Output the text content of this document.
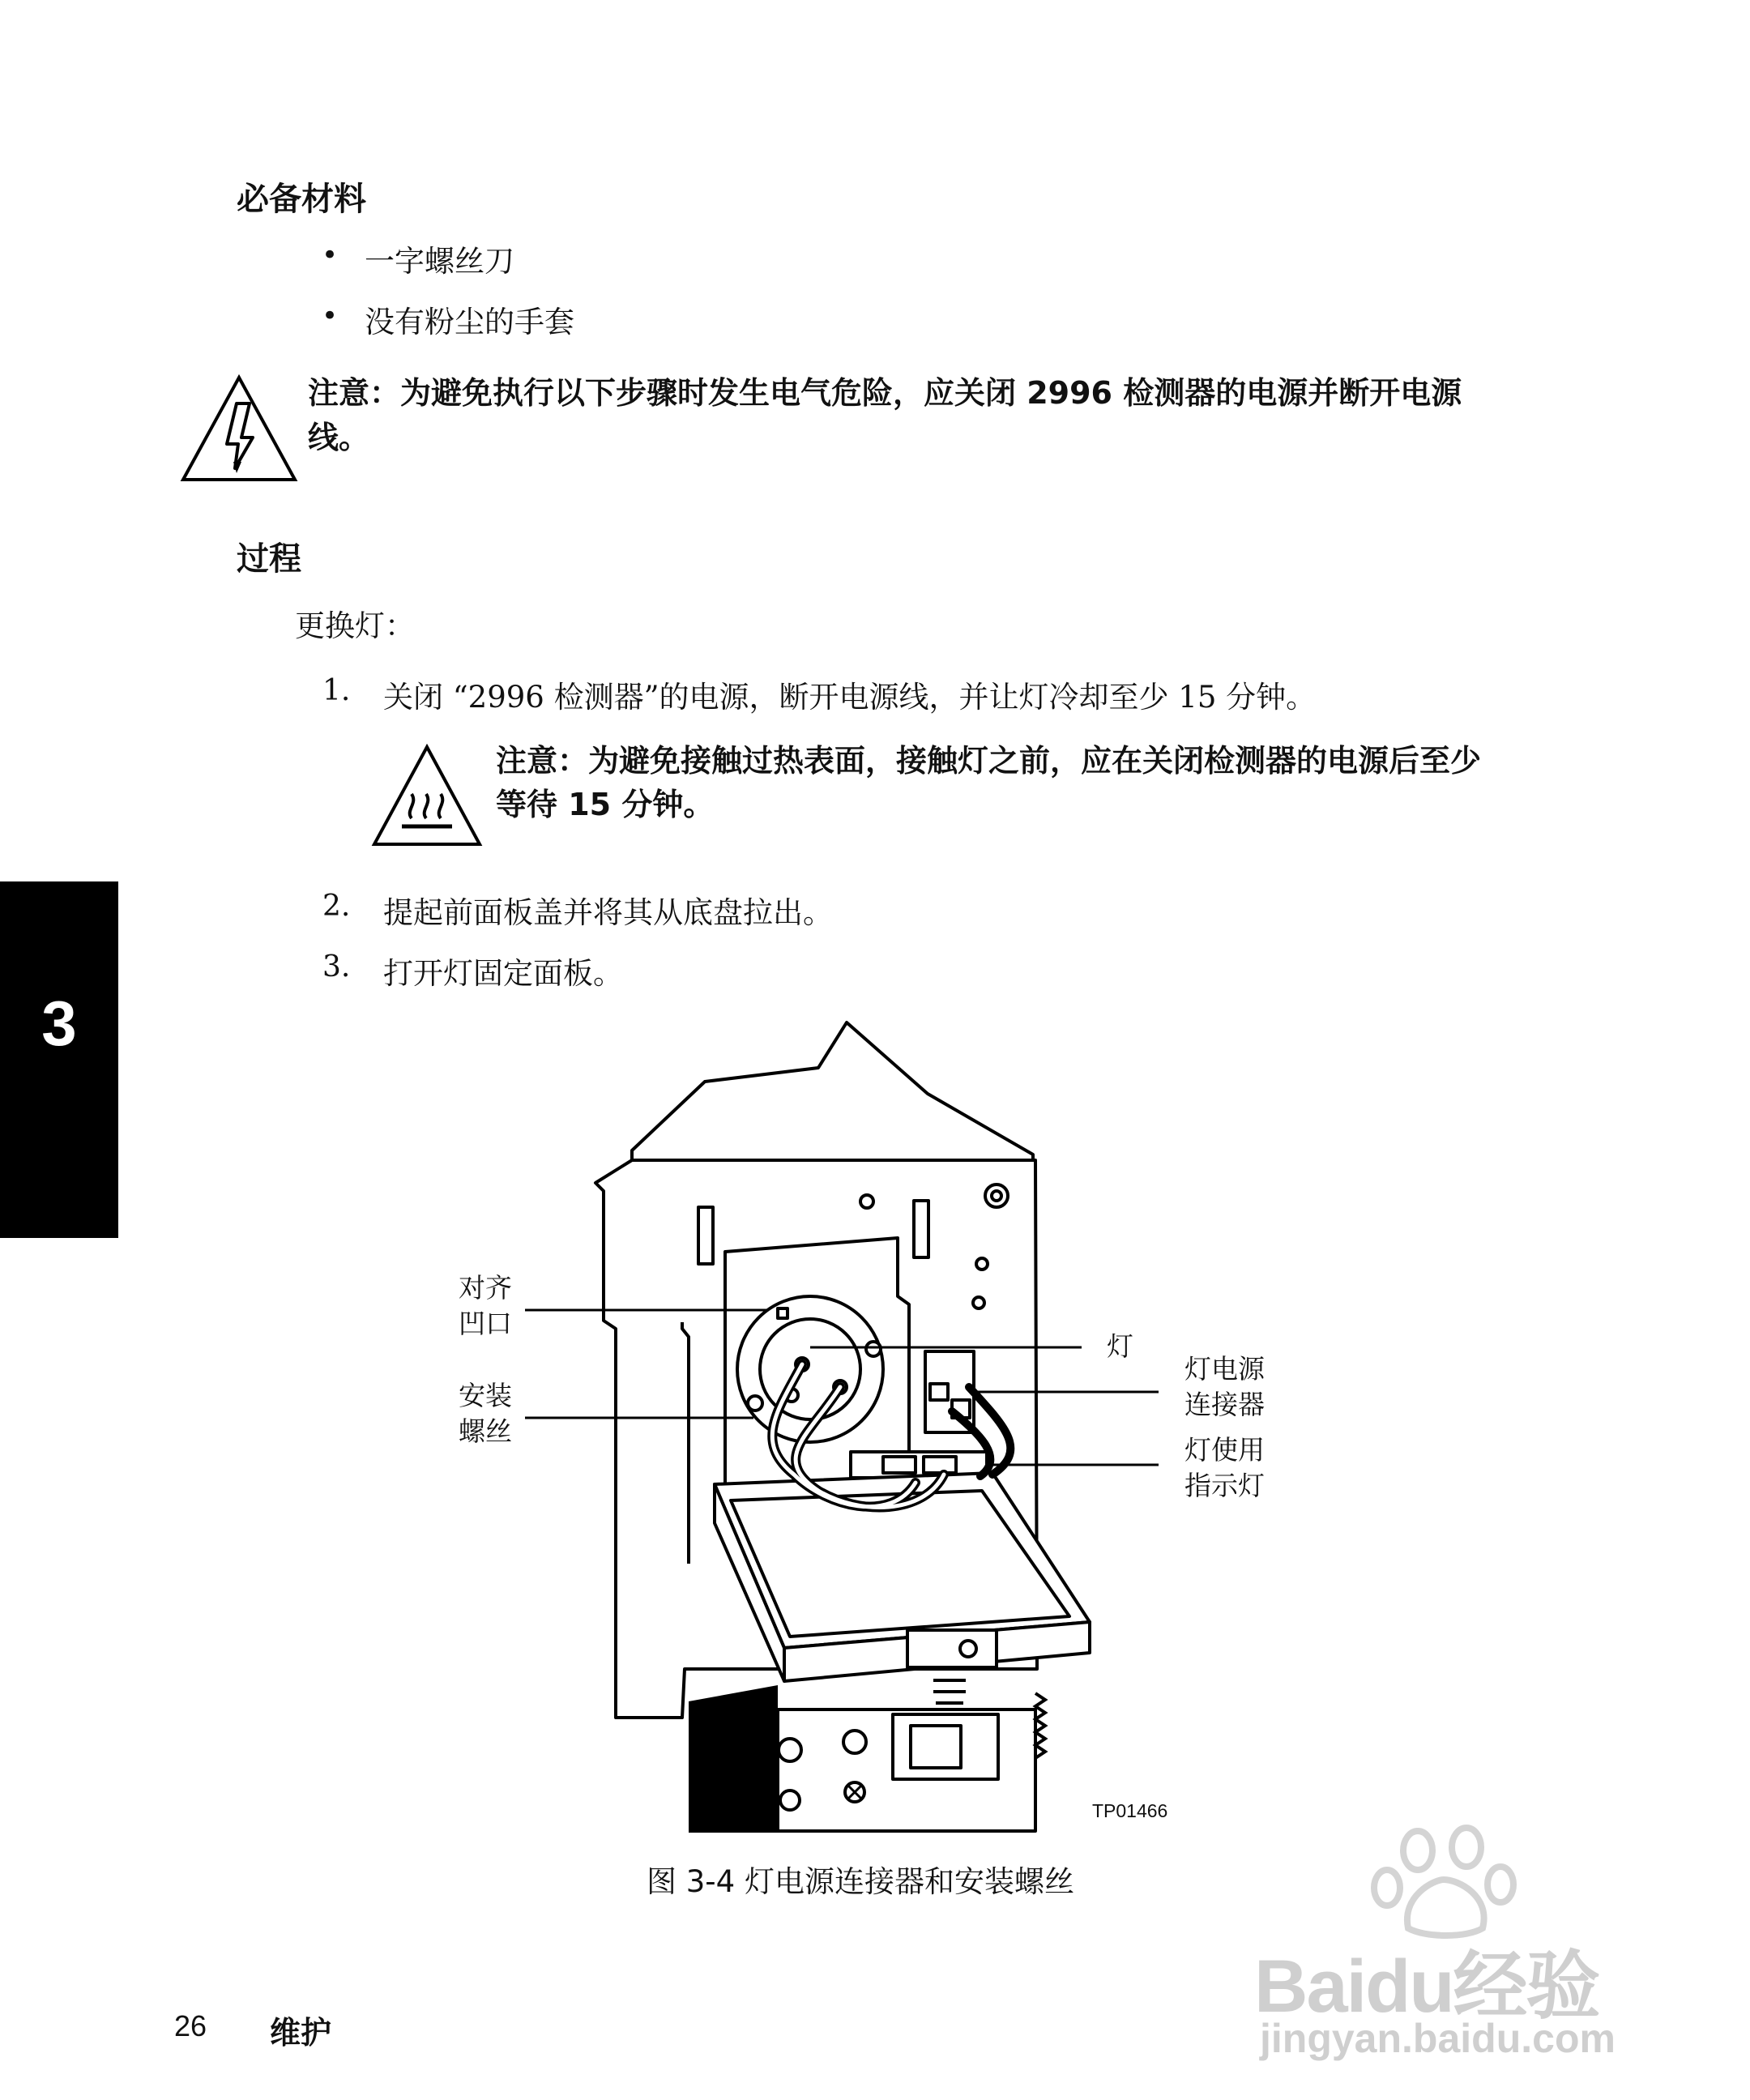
必备材料
• 一字螺丝刀
• 没有粉尘的手套
注意：为避免执行以下步骤时发生电气危险，应关闭 2996 检测器的电源并断开电源
线。
过程
更换灯：
1. 关闭 “2996 检测器”的电源，断开电源线，并让灯冷却至少 15 分钟。
注意：为避免接触过热表面，接触灯之前，应在关闭检测器的电源后至少
等待 15 分钟。
2. 提起前面板盖并将其从底盘拉出。
3. 打开灯固定面板。
3
对齐
凹口
安装
螺丝
灯
灯电源
连接器
灯使用
指示灯
TP01466
图 3-4 灯电源连接器和安装螺丝
26 维护
Baidu经验
jingyan.baidu.com
